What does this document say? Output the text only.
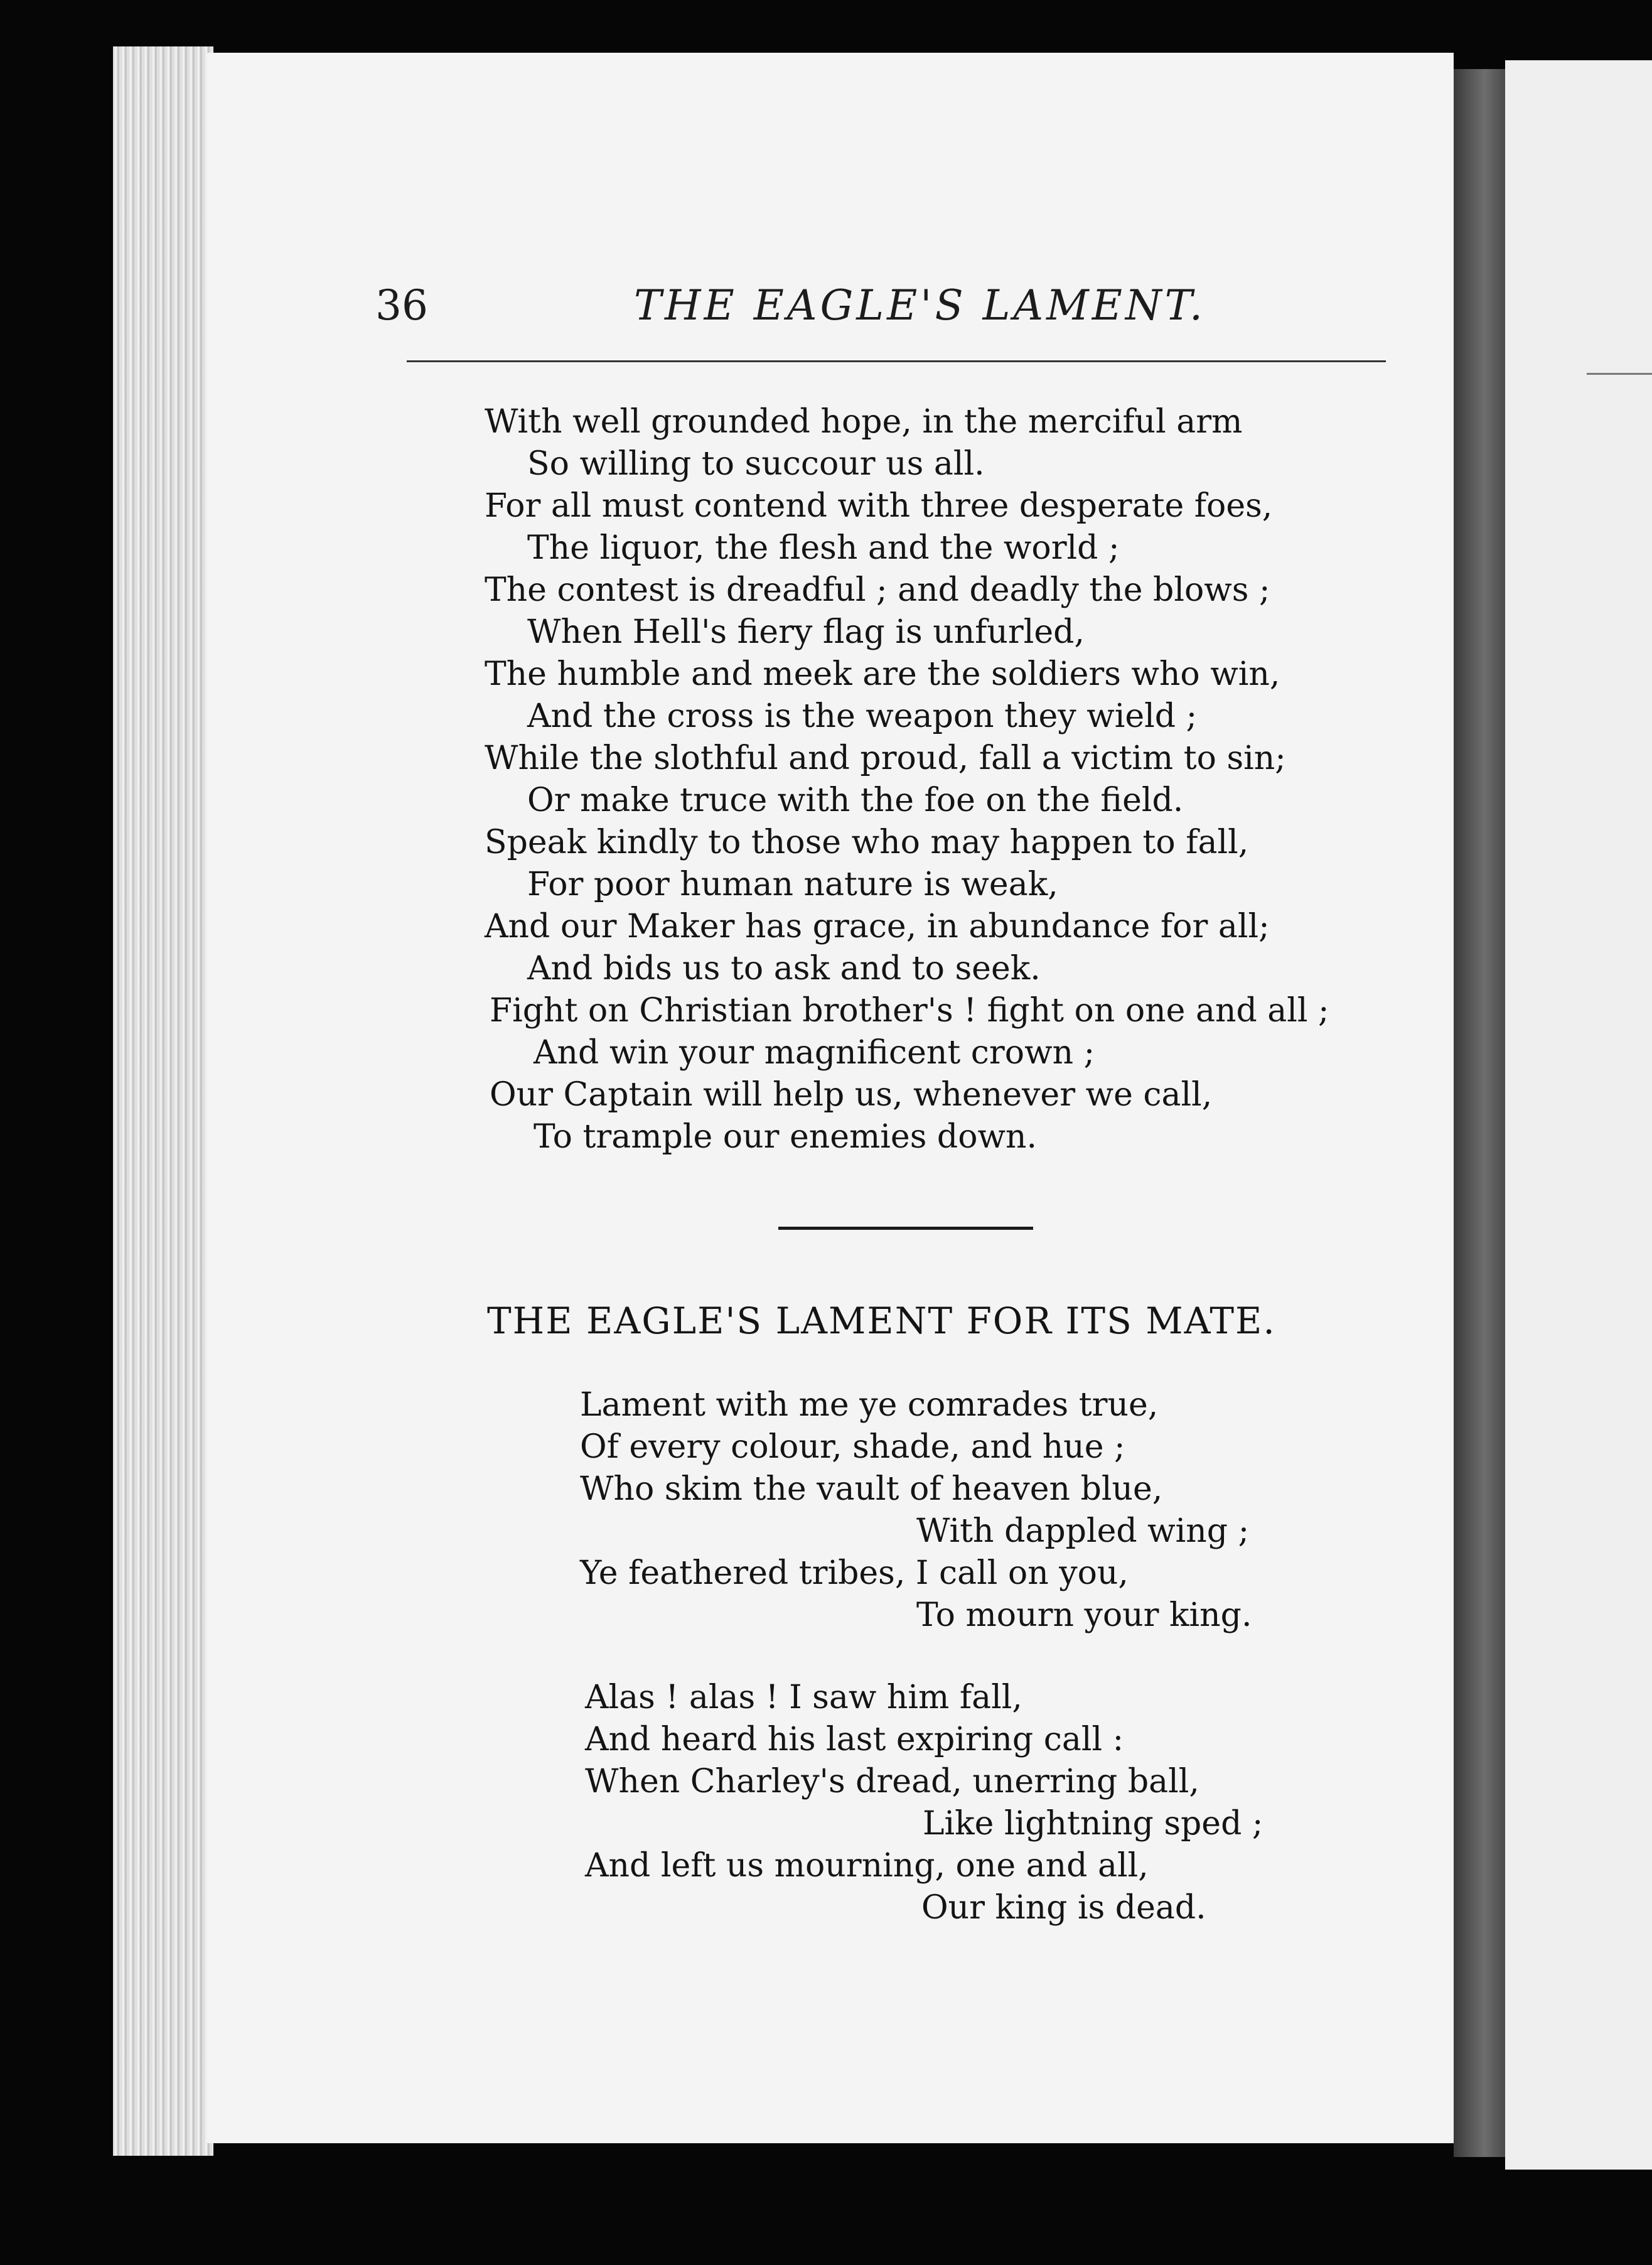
36	THE EAGLE'S LAMENT.
With well grounded hope, in the merciful arm
So willing to succour us all.
For all must contend with three desperate foes,
The liquor, the flesh and the world ;
The contest is dreadful ; and deadly the blows ;
When Hell's fiery flag is unfurled,
The humble and meek are the soldiers who win,
And the cross is the weapon they wield ;
While the slothful and proud, fall a victim to sin;
Or make truce with the foe on the field.
Speak kindly to those who may happen to fall,
For poor human nature is weak,
And our Maker has grace, in abundance for all;
And bids us to ask and to seek.
Fight on Christian brother's ! fight on one and all ;
And win your magnificent crown ;
Our Captain will help us, whenever we call,
To trample our enemies down.
THE EAGLE'S LAMENT FOR ITS MATE.
Lament with me ye comrades true,
Of every colour, shade, and hue ;
Who skim the vault of heaven blue,
With dappled wing ;
Ye feathered tribes, I call on you,
To mourn your king.
Alas ! alas ! I saw him fall,
And heard his last expiring call :
When Charley's dread, unerring ball,
Like lightning sped ;
And left us mourning, one and all,
Our king is dead.
